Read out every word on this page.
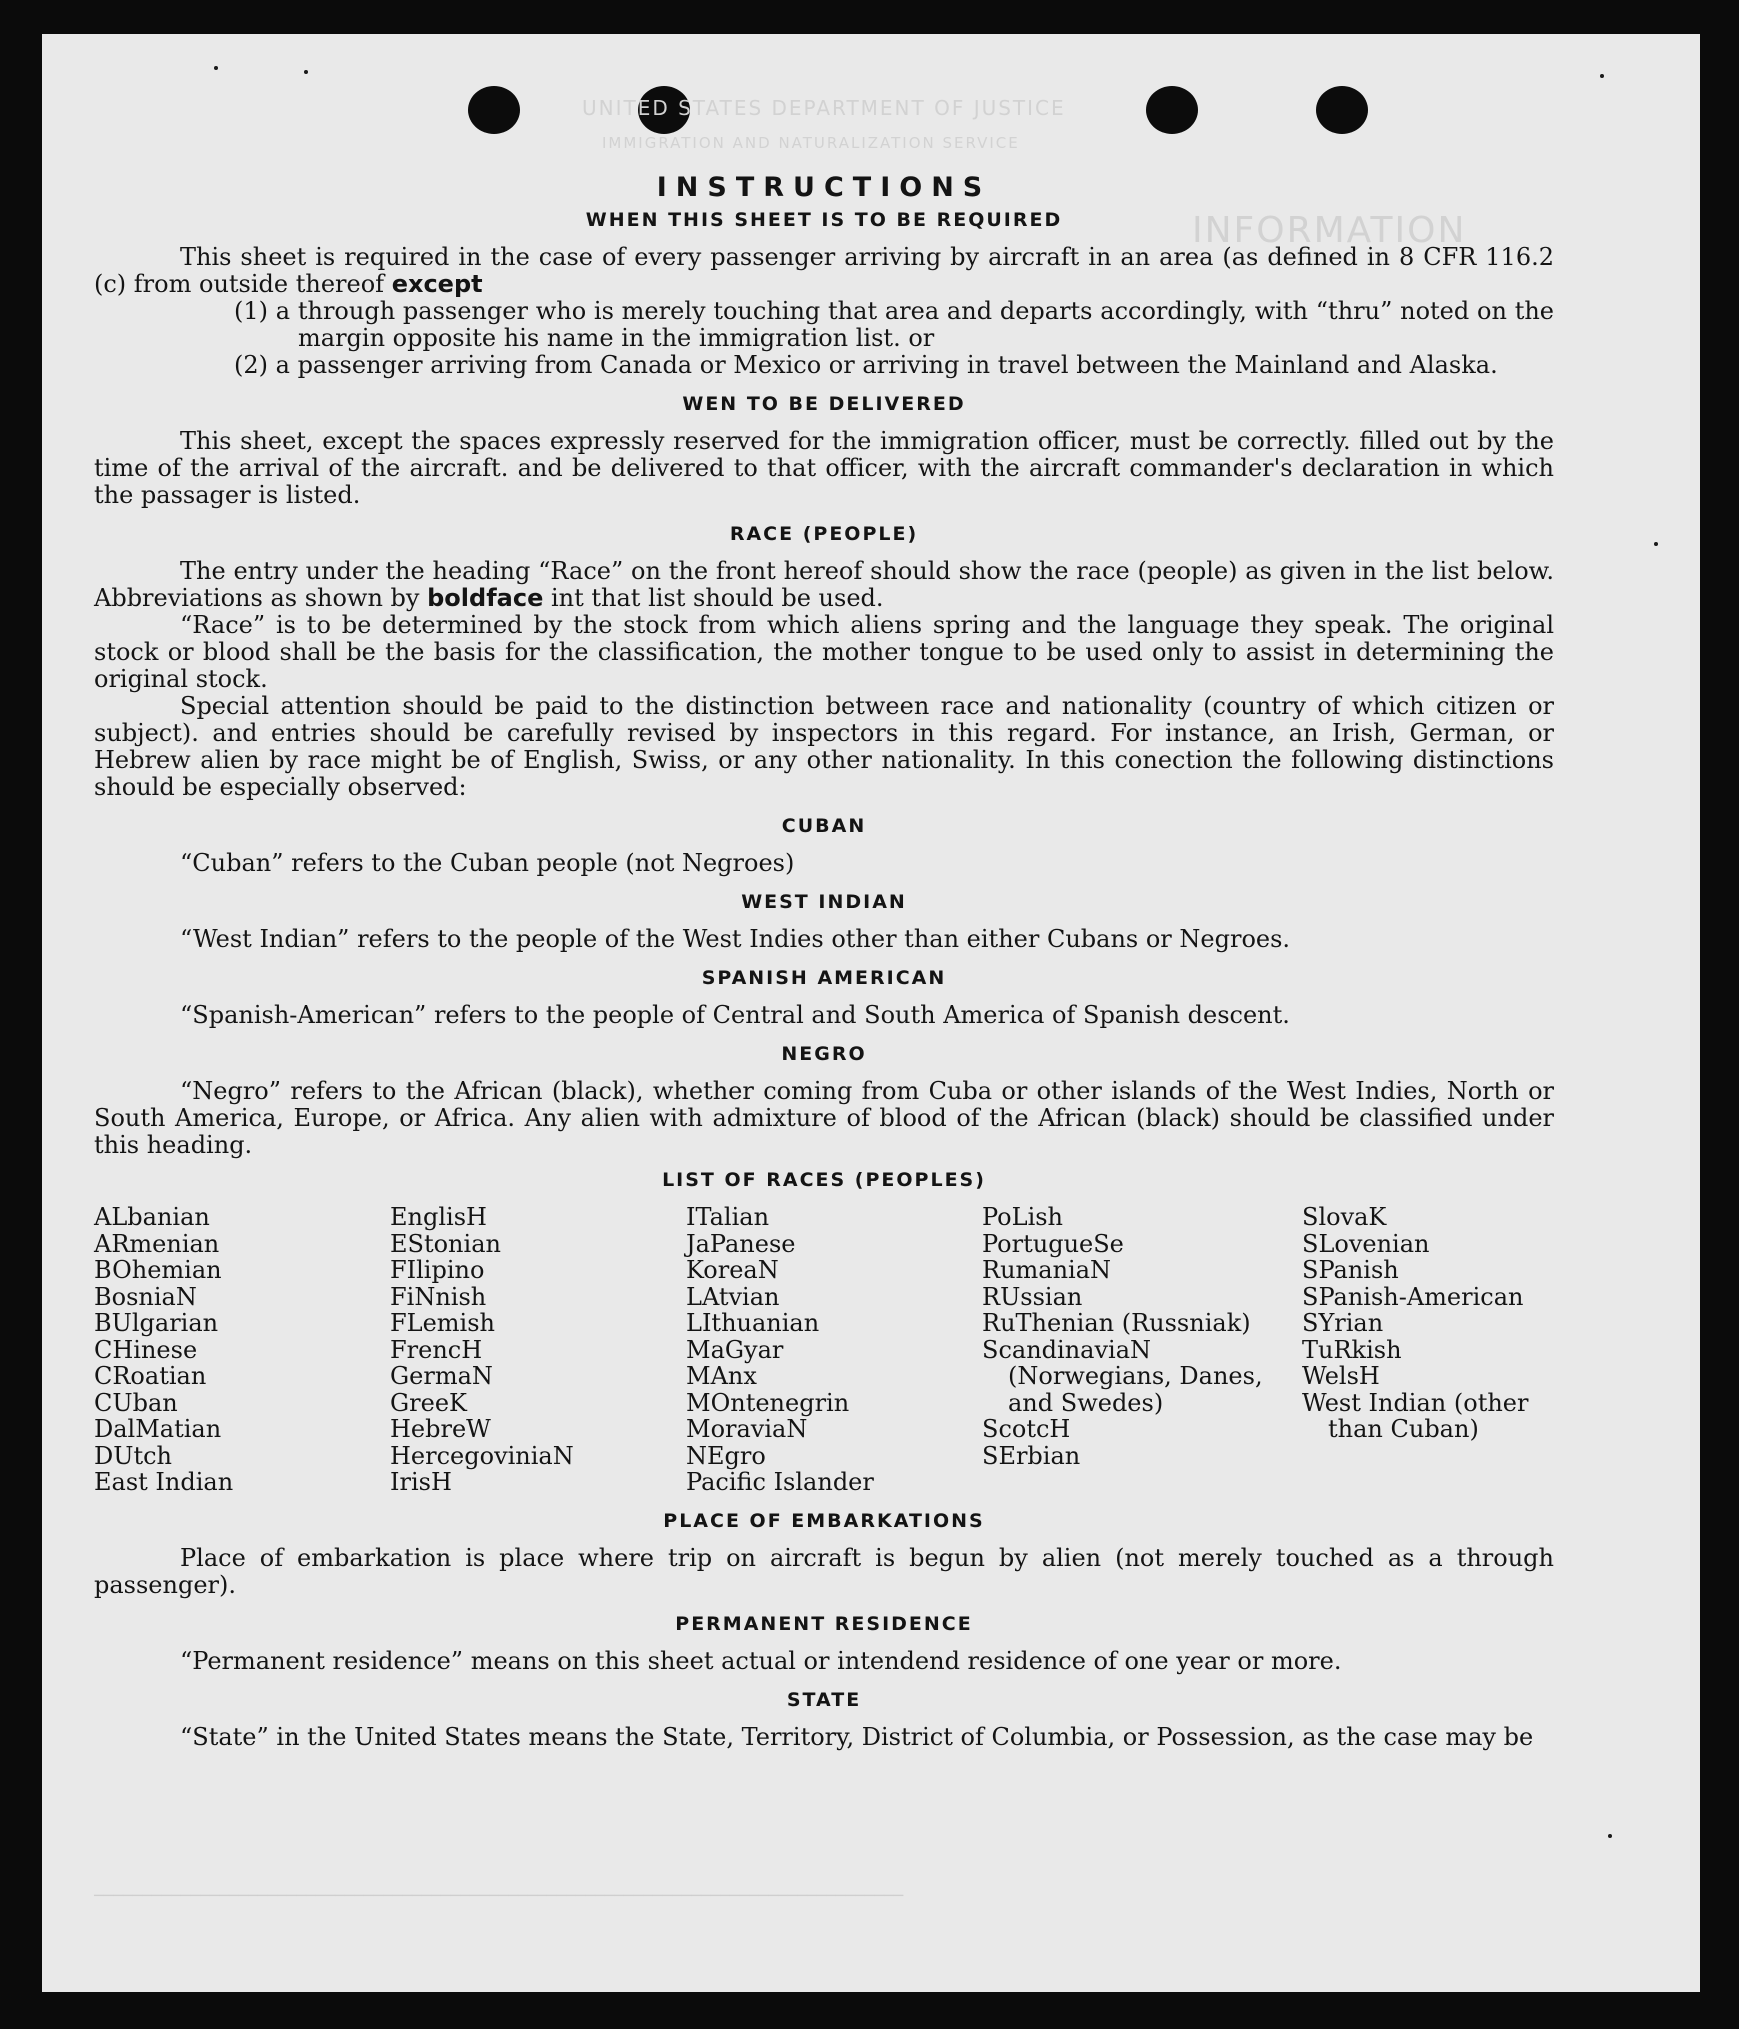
UNITED STATES DEPARTMENT OF JUSTICE
IMMIGRATION AND NATURALIZATION SERVICE
INFORMATION
INSTRUCTIONS
WHEN THIS SHEET IS TO BE REQUIRED

This sheet is required in the case of every passenger arriving by aircraft in an area (as defined in 8 CFR 116.2 (c) from outside thereof except

(1) a through passenger who is merely touching that area and departs accordingly, with “thru” noted on the margin opposite his name in the immigration list. or

(2) a passenger arriving from Canada or Mexico or arriving in travel between the Mainland and Alaska.

WEN TO BE DELIVERED

This sheet, except the spaces expressly reserved for the immigration officer, must be correctly. filled out by the time of the arrival of the aircraft. and be delivered to that officer, with the aircraft commander's declaration in which the passager is listed.

RACE (PEOPLE)

The entry under the heading “Race” on the front hereof should show the race (people) as given in the list below. Abbreviations as shown by boldface int that list should be used.

“Race” is to be determined by the stock from which aliens spring and the language they speak. The original stock or blood shall be the basis for the classification, the mother tongue to be used only to assist in determining the original stock.

Special attention should be paid to the distinction between race and nationality (country of which citizen or subject). and entries should be carefully revised by inspectors in this regard. For instance, an Irish, German, or Hebrew alien by race might be of English, Swiss, or any other nationality. In this conection the following distinctions should be especially observed:

CUBAN

“Cuban” refers to the Cuban people (not Negroes)

WEST INDIAN

“West Indian” refers to the people of the West Indies other than either Cubans or Negroes.

SPANISH AMERICAN

“Spanish-American” refers to the people of Central and South America of Spanish descent.

NEGRO

“Negro” refers to the African (black), whether coming from Cuba or other islands of the West Indies, North or South America, Europe, or Africa. Any alien with admixture of blood of the African (black) should be classified under this heading.

LIST OF RACES (PEOPLES)
ALbanian
ARmenian
BOhemian
BosniaN
BUlgarian
CHinese
CRoatian
CUban
DalMatian
DUtch
East Indian
EnglisH
EStonian
FIlipino
FiNnish
FLemish
FrencH
GermaN
GreeK
HebreW
HercegoviniaN
IrisH
ITalian
JaPanese
KoreaN
LAtvian
LIthuanian
MaGyar
MAnx
MOntenegrin
MoraviaN
NEgro
Pacific Islander
PoLish
PortugueSe
RumaniaN
RUssian
RuThenian (Russniak)
ScandinaviaN (Norwegians, Danes, and Swedes)
ScotcH
SErbian
SlovaK
SLovenian
SPanish
SPanish-American
SYrian
TuRkish
WelsH
West Indian (other than Cuban)
PLACE OF EMBARKATIONS

Place of embarkation is place where trip on aircraft is begun by alien (not merely touched as a through passenger).

PERMANENT RESIDENCE

“Permanent residence” means on this sheet actual or intendend residence of one year or more.

STATE

“State” in the United States means the State, Territory, District of Columbia, or Possession, as the case may be

────────────────────────────────────────────────────────────────────────────────────
